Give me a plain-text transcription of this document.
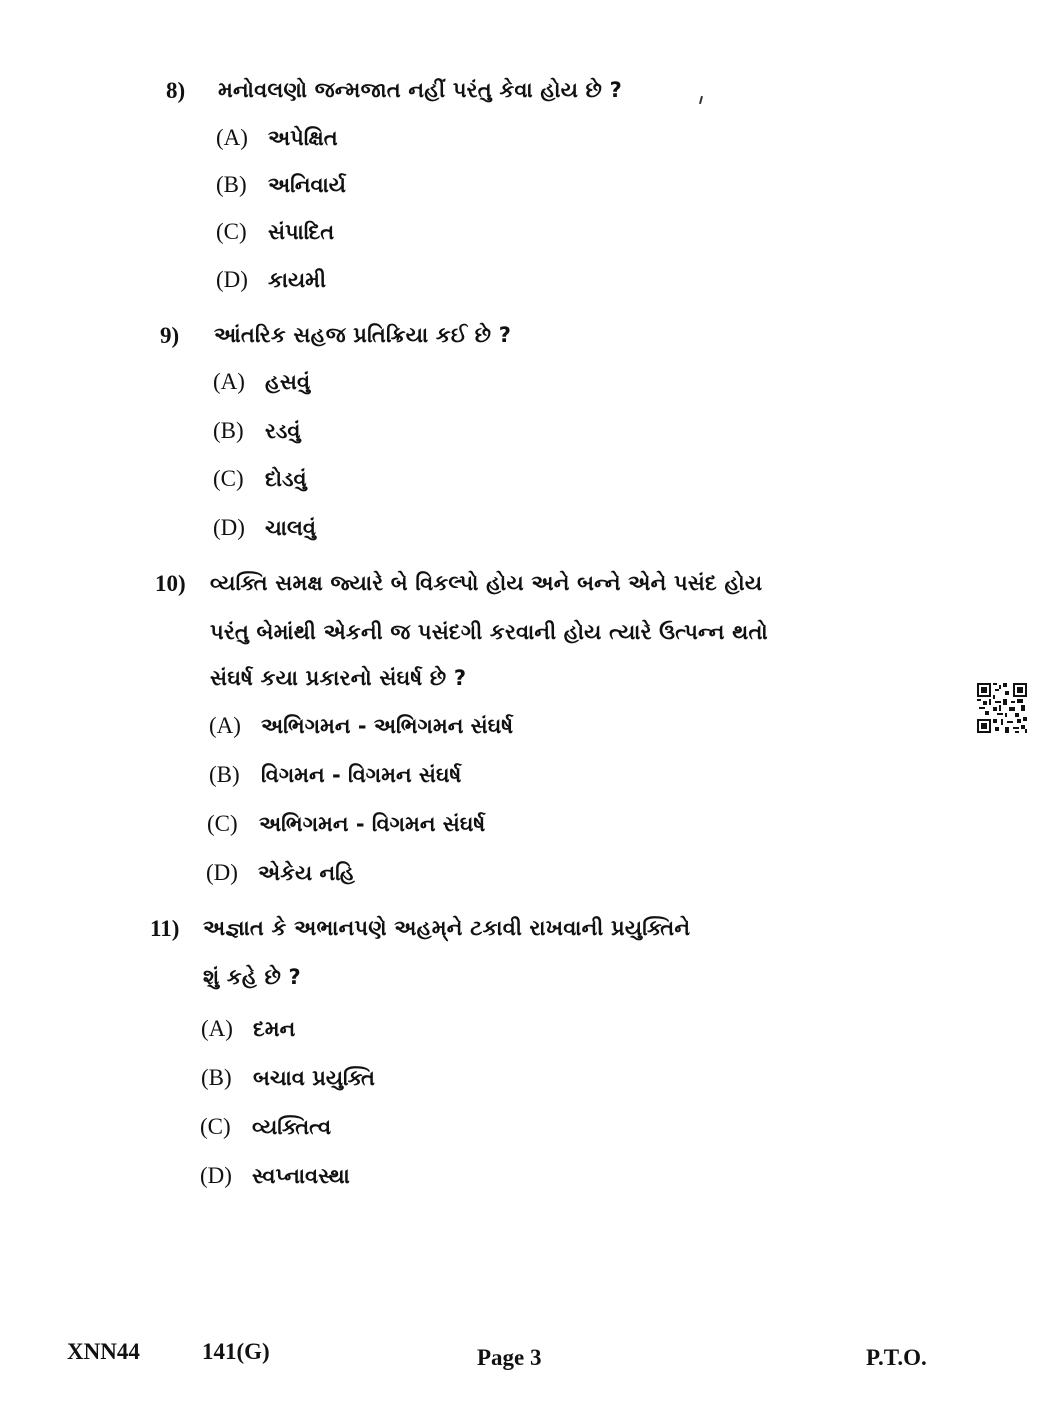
8) મનોવલણો જન્મજાત નહીં પરંતુ કેવા હોય છે ?
(A) અપેક્ષિત
(B) અનિવાર્ય
(C) સંપાદિત
(D) કાયમી
9) આંતરિક સહજ પ્રતિક્રિયા કઈ છે ?
(A) હસવું
(B) રડવું
(C) દોડવું
(D) ચાલવું
10) વ્યક્તિ સમક્ષ જ્યારે બે વિકલ્પો હોય અને બન્ને એને પસંદ હોય
પરંતુ બેમાંથી એકની જ પસંદગી કરવાની હોય ત્યારે ઉત્પન્ન થતો
સંઘર્ષ કયા પ્રકારનો સંઘર્ષ છે ?
(A) અભિગમન - અભિગમન સંઘર્ષ
(B) વિગમન - વિગમન સંઘર્ષ
(C) અભિગમન - વિગમન સંઘર્ષ
(D) એકેય નહિ
11) અજ્ઞાત કે અભાનપણે અહમ્‌ને ટકાવી રાખવાની પ્રયુક્તિને
શું કહે છે ?
(A) દમન
(B) બચાવ પ્રયુક્તિ
(C) વ્યક્તિત્વ
(D) સ્વપ્નાવસ્થા
XNN44	141(G)	Page 3	P.T.O.
